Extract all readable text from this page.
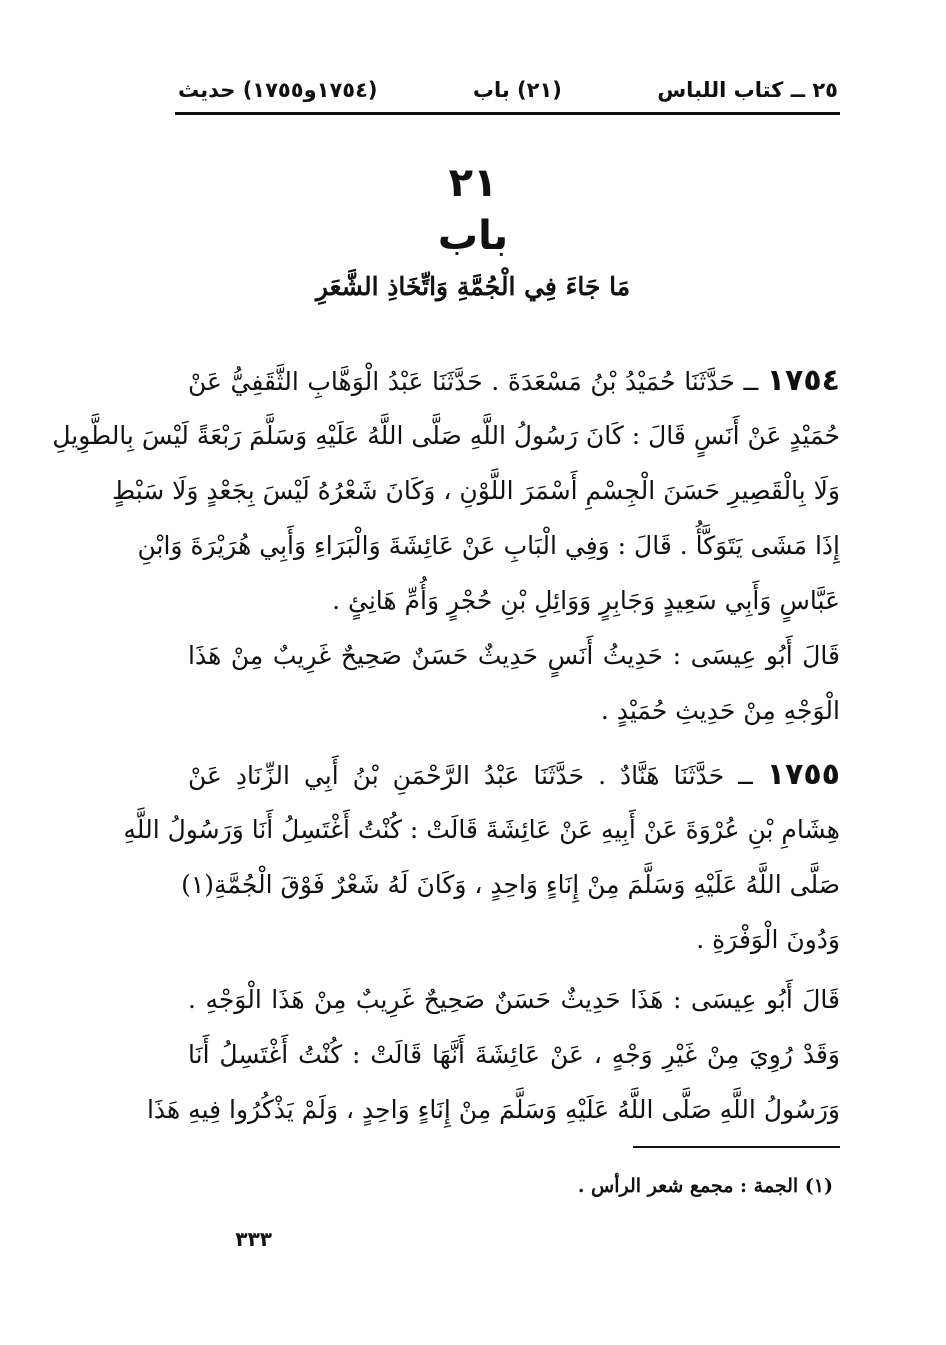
٢٥ ــ كتاب اللباس
(٢١) باب
(١٧٥٤و١٧٥٥) حديث
٢١
باب
مَا جَاءَ فِي الْجُمَّةِ وَاتِّخَاذِ الشَّعَرِ
١٧٥٤ ــ حَدَّثَنَا حُمَيْدُ بْنُ مَسْعَدَةَ . حَدَّثَنَا عَبْدُ الْوَهَّابِ الثَّقَفِيُّ عَنْ
حُمَيْدٍ عَنْ أَنَسٍ قَالَ : كَانَ رَسُولُ اللَّهِ صَلَّى اللَّهُ عَلَيْهِ وَسَلَّمَ رَبْعَةً لَيْسَ بِالطَّوِيلِ
وَلَا بِالْقَصِيرِ حَسَنَ الْجِسْمِ أَسْمَرَ اللَّوْنِ ، وَكَانَ شَعْرُهُ لَيْسَ بِجَعْدٍ وَلَا سَبْطٍ
إِذَا مَشَى يَتَوَكَّأُ . قَالَ : وَفِي الْبَابِ عَنْ عَائِشَةَ وَالْبَرَاءِ وَأَبِي هُرَيْرَةَ وَابْنِ
عَبَّاسٍ وَأَبِي سَعِيدٍ وَجَابِرٍ وَوَائِلِ بْنِ حُجْرٍ وَأُمِّ هَانِئٍ .
قَالَ أَبُو عِيسَى : حَدِيثُ أَنَسٍ حَدِيثٌ حَسَنٌ صَحِيحٌ غَرِيبٌ مِنْ هَذَا
الْوَجْهِ مِنْ حَدِيثِ حُمَيْدٍ .
١٧٥٥ ــ حَدَّثَنَا هَنَّادٌ . حَدَّثَنَا عَبْدُ الرَّحْمَنِ بْنُ أَبِي الزِّنَادِ عَنْ
هِشَامِ بْنِ عُرْوَةَ عَنْ أَبِيهِ عَنْ عَائِشَةَ قَالَتْ : كُنْتُ أَغْتَسِلُ أَنَا وَرَسُولُ اللَّهِ
صَلَّى اللَّهُ عَلَيْهِ وَسَلَّمَ مِنْ إِنَاءٍ وَاحِدٍ ، وَكَانَ لَهُ شَعْرٌ فَوْقَ الْجُمَّةِ(١)
وَدُونَ الْوَفْرَةِ .
قَالَ أَبُو عِيسَى : هَذَا حَدِيثٌ حَسَنٌ صَحِيحٌ غَرِيبٌ مِنْ هَذَا الْوَجْهِ .
وَقَدْ رُوِيَ مِنْ غَيْرِ وَجْهٍ ، عَنْ عَائِشَةَ أَنَّهَا قَالَتْ : كُنْتُ أَغْتَسِلُ أَنَا
وَرَسُولُ اللَّهِ صَلَّى اللَّهُ عَلَيْهِ وَسَلَّمَ مِنْ إِنَاءٍ وَاحِدٍ ، وَلَمْ يَذْكُرُوا فِيهِ هَذَا
(١) الجمة : مجمع شعر الرأس .
٣٣٣
